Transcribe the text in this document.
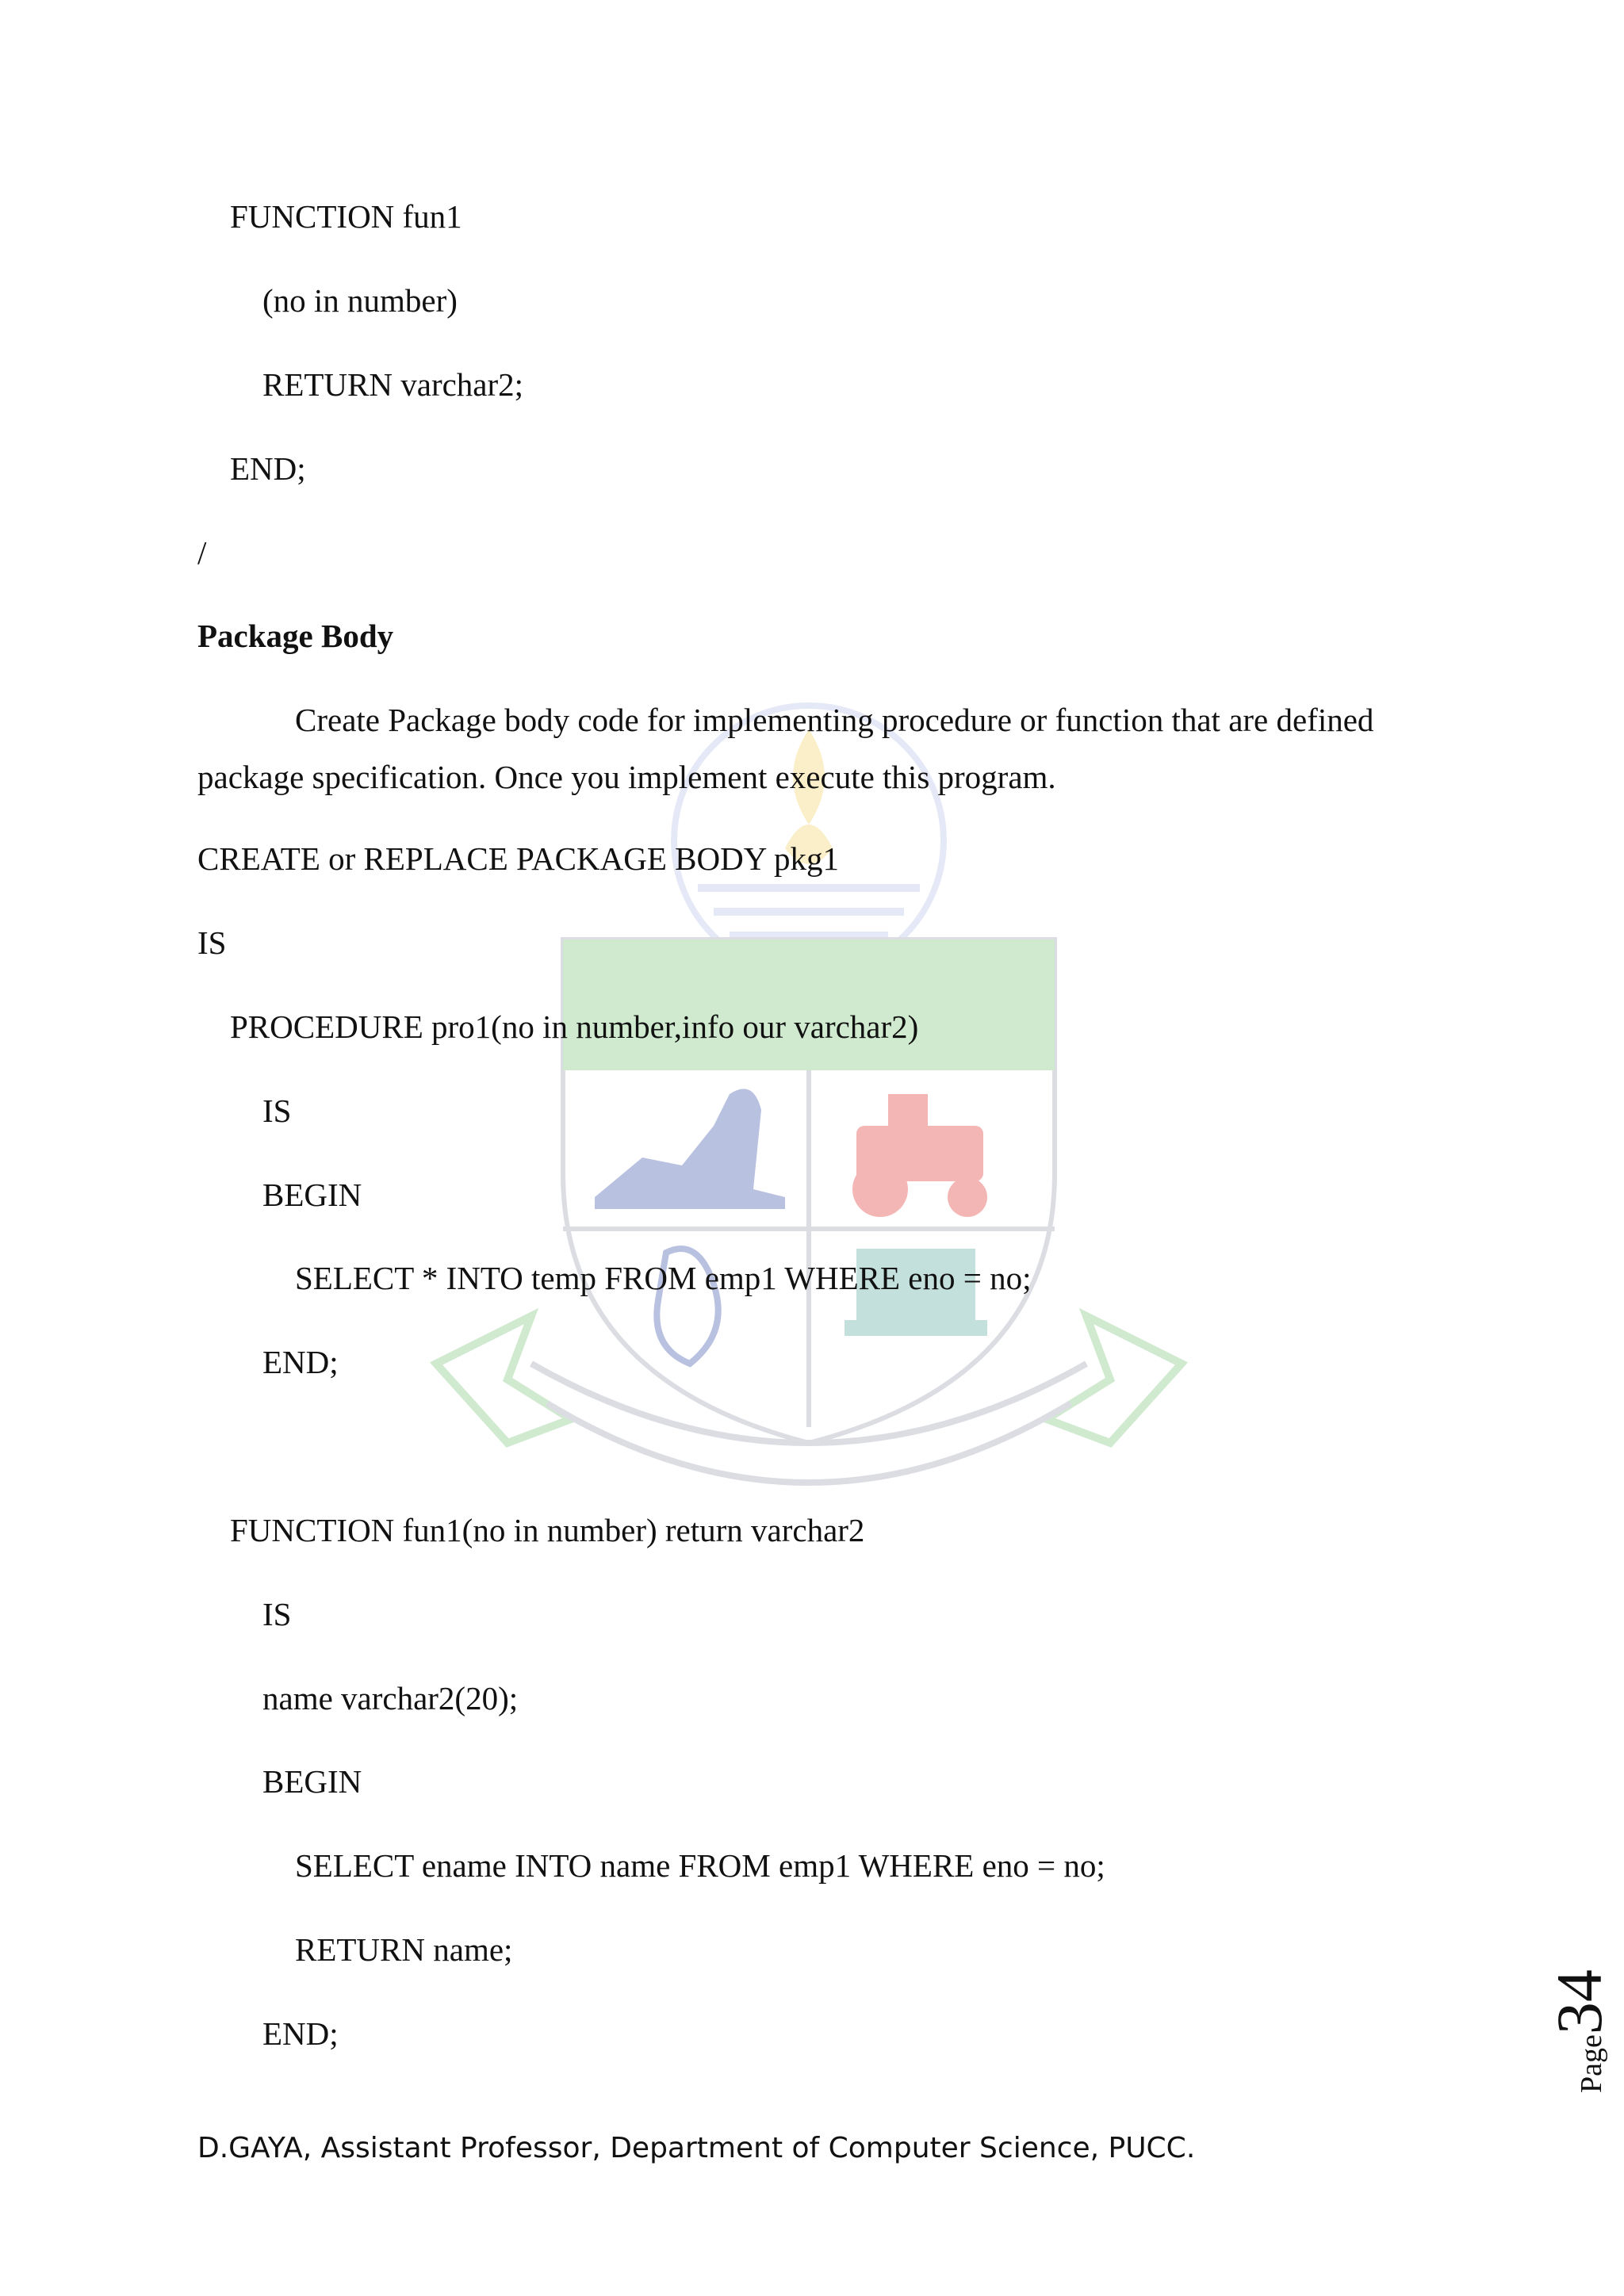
FUNCTION fun1
(no in number)
RETURN varchar2;
END;
/
Package Body
Create Package body code for implementing procedure or function that are defined package specification. Once you implement execute this program.
CREATE or REPLACE PACKAGE BODY pkg1
IS
PROCEDURE pro1(no in number,info our varchar2)
IS
BEGIN
SELECT * INTO temp FROM emp1 WHERE eno = no;
END;
FUNCTION fun1(no in number) return varchar2
IS
name varchar2(20);
BEGIN
SELECT ename INTO name FROM emp1 WHERE eno = no;
RETURN name;
END;
Page34
D.GAYA, Assistant Professor, Department of Computer Science, PUCC.
